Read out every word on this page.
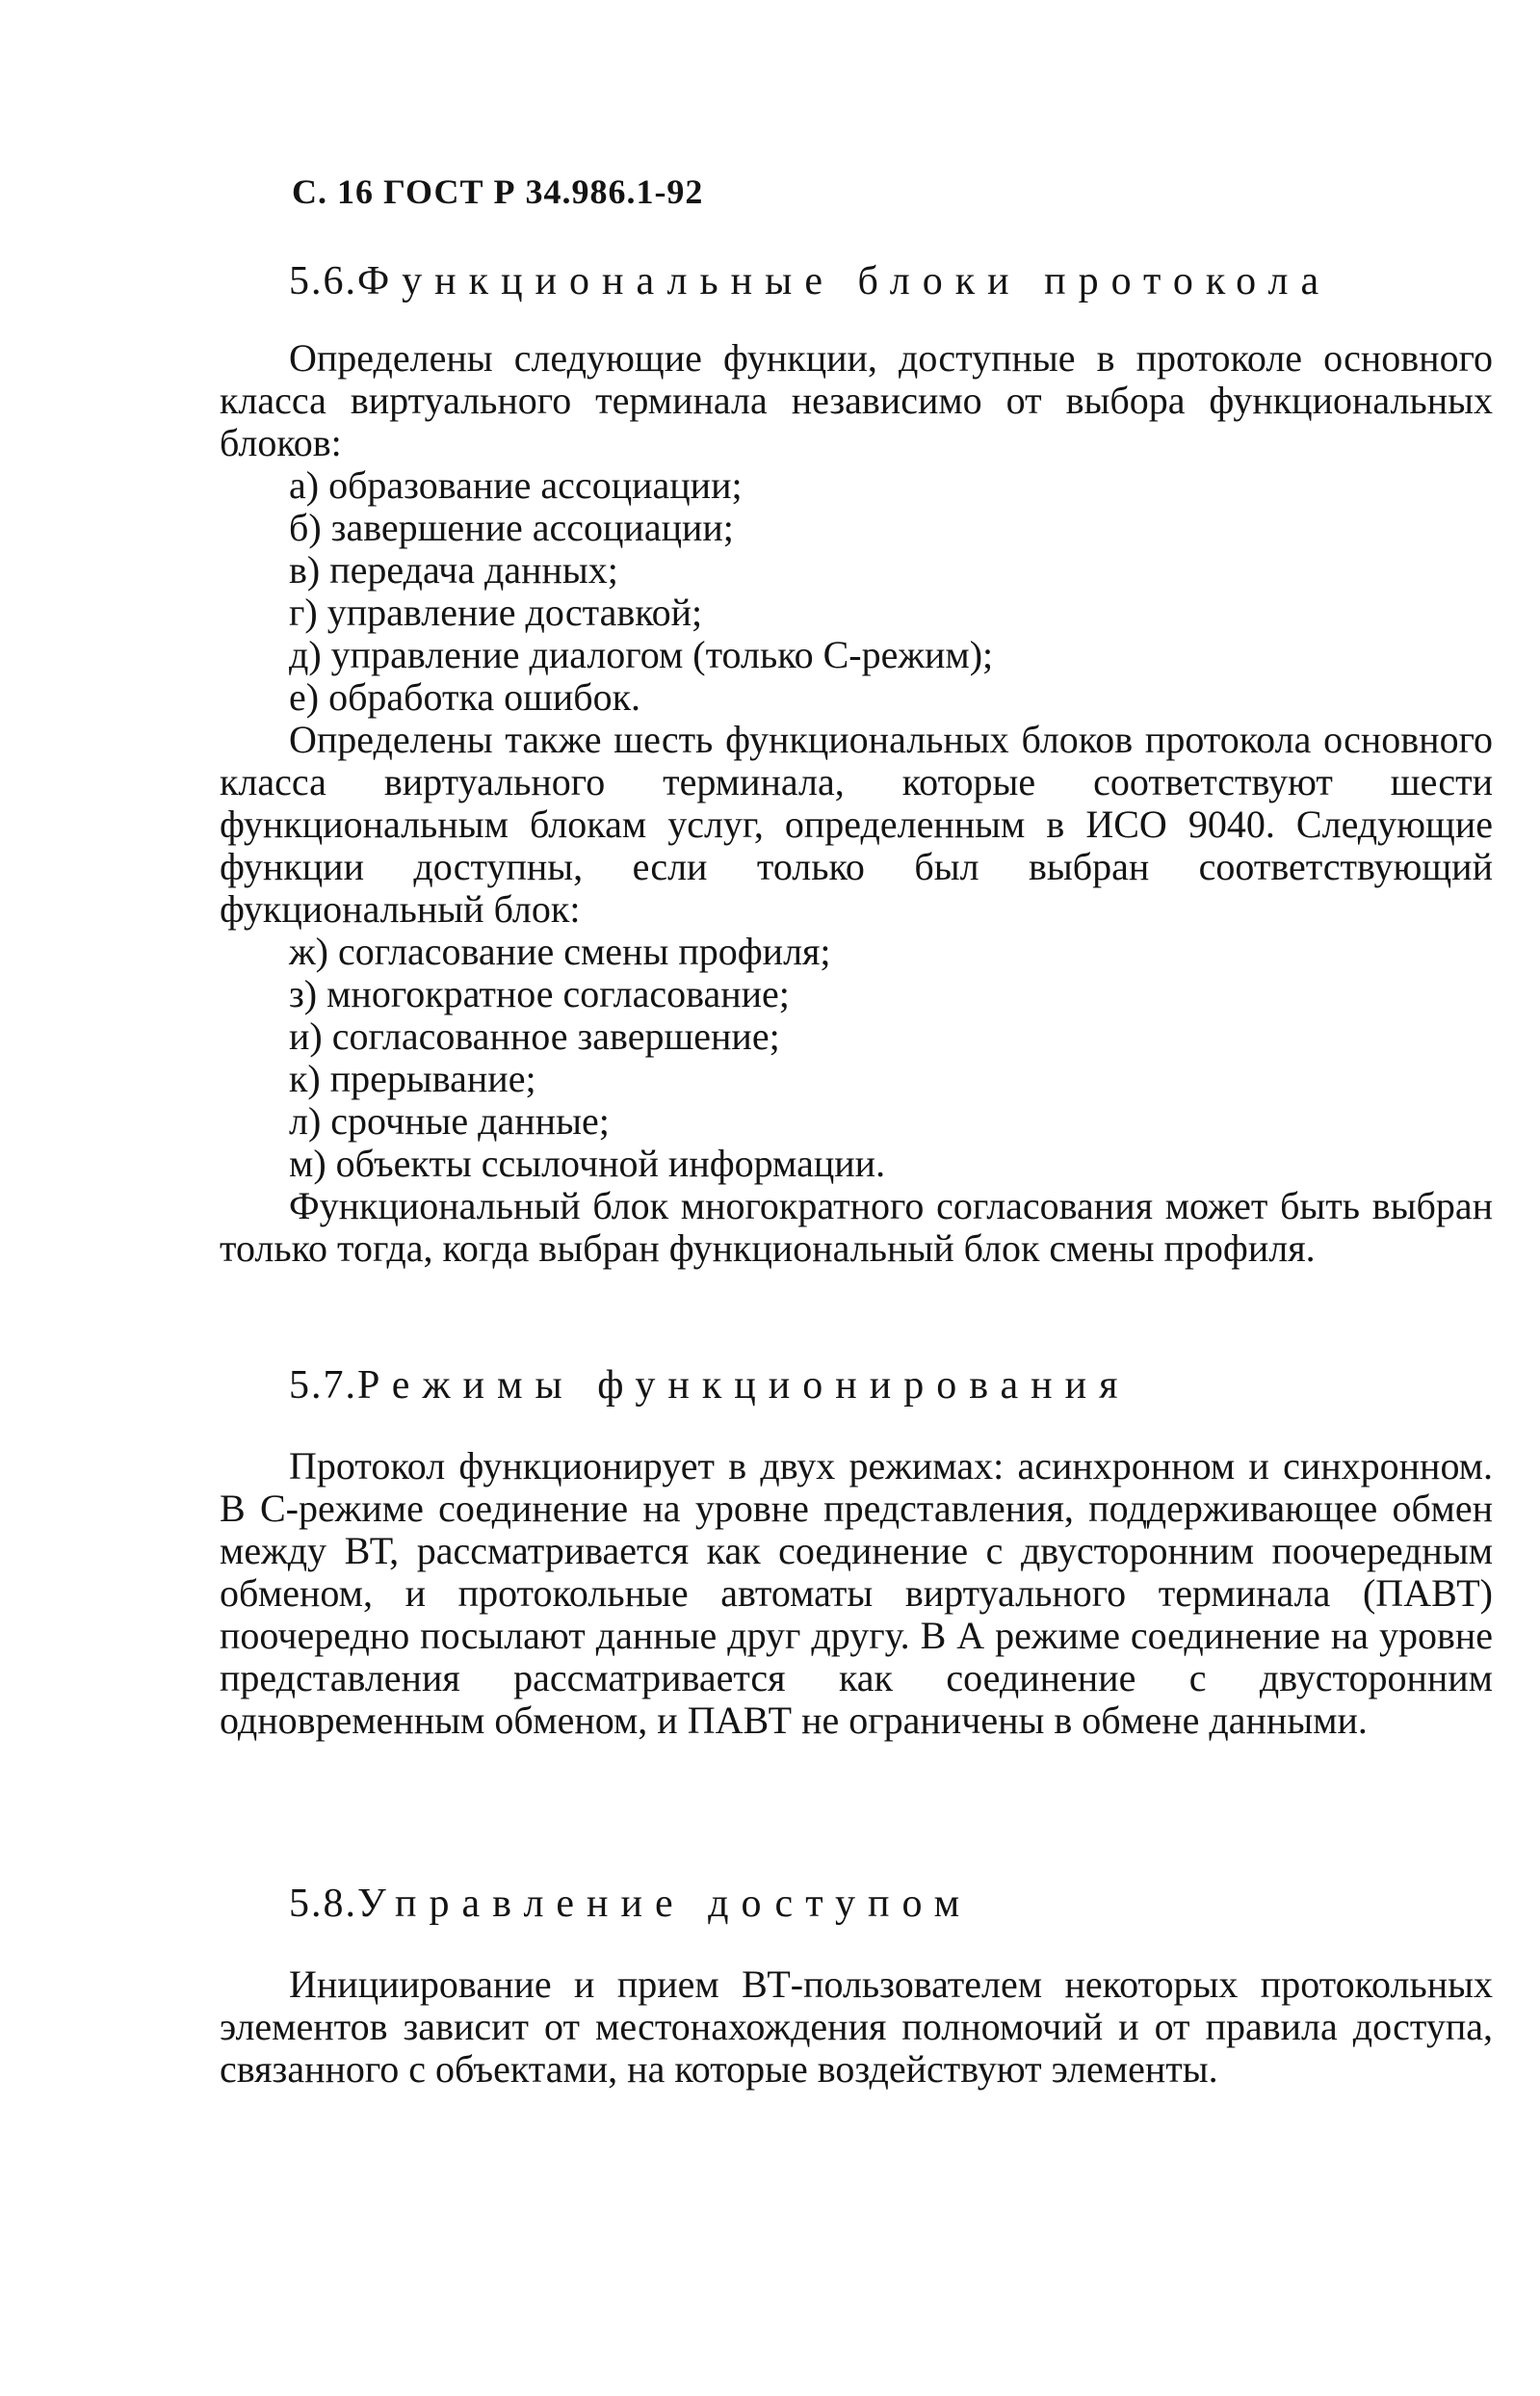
С. 16 ГОСТ Р 34.986.1-92
5.6.Функциональные блоки протокола

Определены следующие функции, доступные в протоколе основного класса виртуального терминала независимо от выбора функциональных блоков:

а) образование ассоциации;

б) завершение ассоциации;

в) передача данных;

г) управление доставкой;

д) управление диалогом (только С-режим);

е) обработка ошибок.

Определены также шесть функциональных блоков протокола основного класса виртуального терминала, которые соответствуют шести функциональным блокам услуг, определенным в ИСО 9040. Следующие функции доступны, если только был выбран соответствующий фукциональный блок:

ж) согласование смены профиля;

з) многократное согласование;

и) согласованное завершение;

к) прерывание;

л) срочные данные;

м) объекты ссылочной информации.

Функциональный блок многократного согласования может быть выбран только тогда, когда выбран функциональный блок смены профиля.

5.7.Режимы функционирования

Протокол функционирует в двух режимах: асинхронном и синхронном. В С-режиме соединение на уровне представления, поддерживающее обмен между ВТ, рассматривается как соединение с двусторонним поочередным обменом, и протокольные автоматы виртуального терминала (ПАВТ) поочередно посылают данные друг другу. В А режиме соединение на уровне представления рассматривается как соединение с двусторонним одновременным обменом, и ПАВТ не ограничены в обмене данными.

5.8.Управление доступом

Инициирование и прием ВТ-пользователем некоторых протокольных элементов зависит от местонахождения полномочий и от правила доступа, связанного с объектами, на которые воздействуют элементы.
